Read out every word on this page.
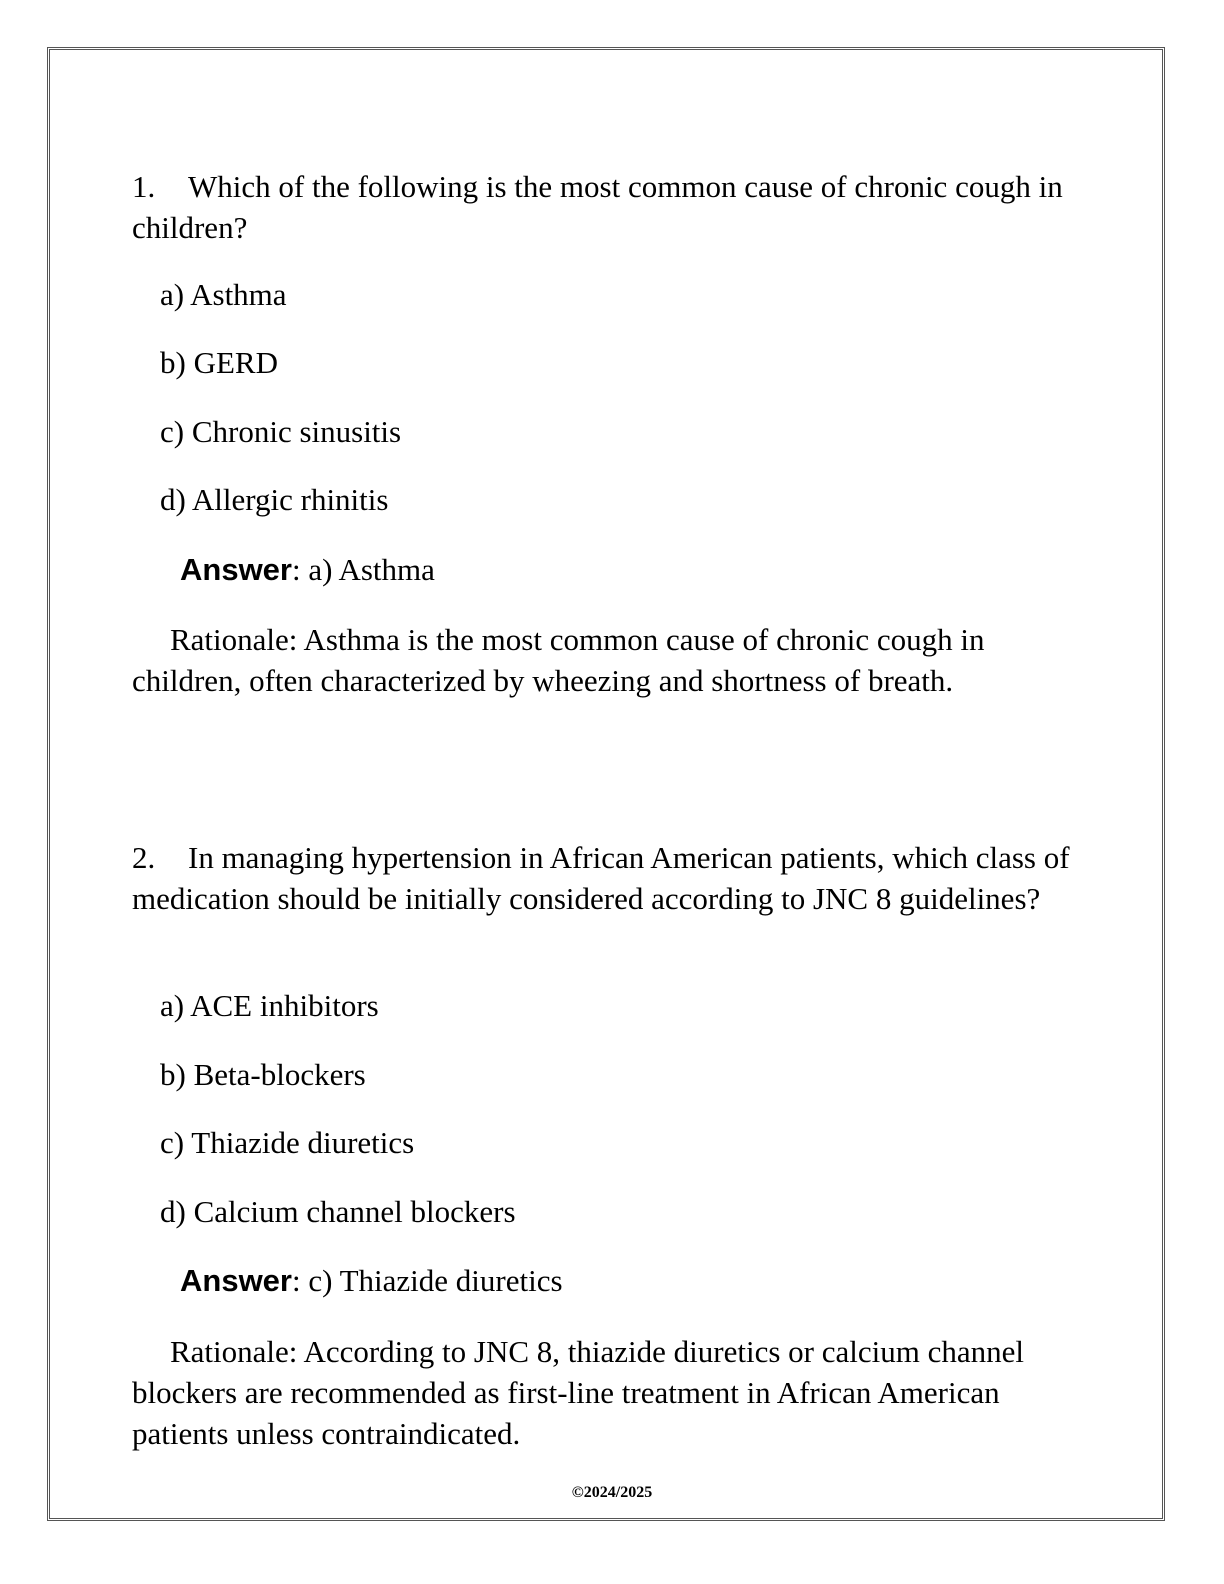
1. Which of the following is the most common cause of chronic cough in children?

a) Asthma

b) GERD

c) Chronic sinusitis

d) Allergic rhinitis

Answer: a) Asthma

Rationale: Asthma is the most common cause of chronic cough in children, often characterized by wheezing and shortness of breath.

2. In managing hypertension in African American patients, which class of medication should be initially considered according to JNC 8 guidelines?

a) ACE inhibitors

b) Beta-blockers

c) Thiazide diuretics

d) Calcium channel blockers

Answer: c) Thiazide diuretics

Rationale: According to JNC 8, thiazide diuretics or calcium channel blockers are recommended as first-line treatment in African American patients unless contraindicated.

©2024/2025
